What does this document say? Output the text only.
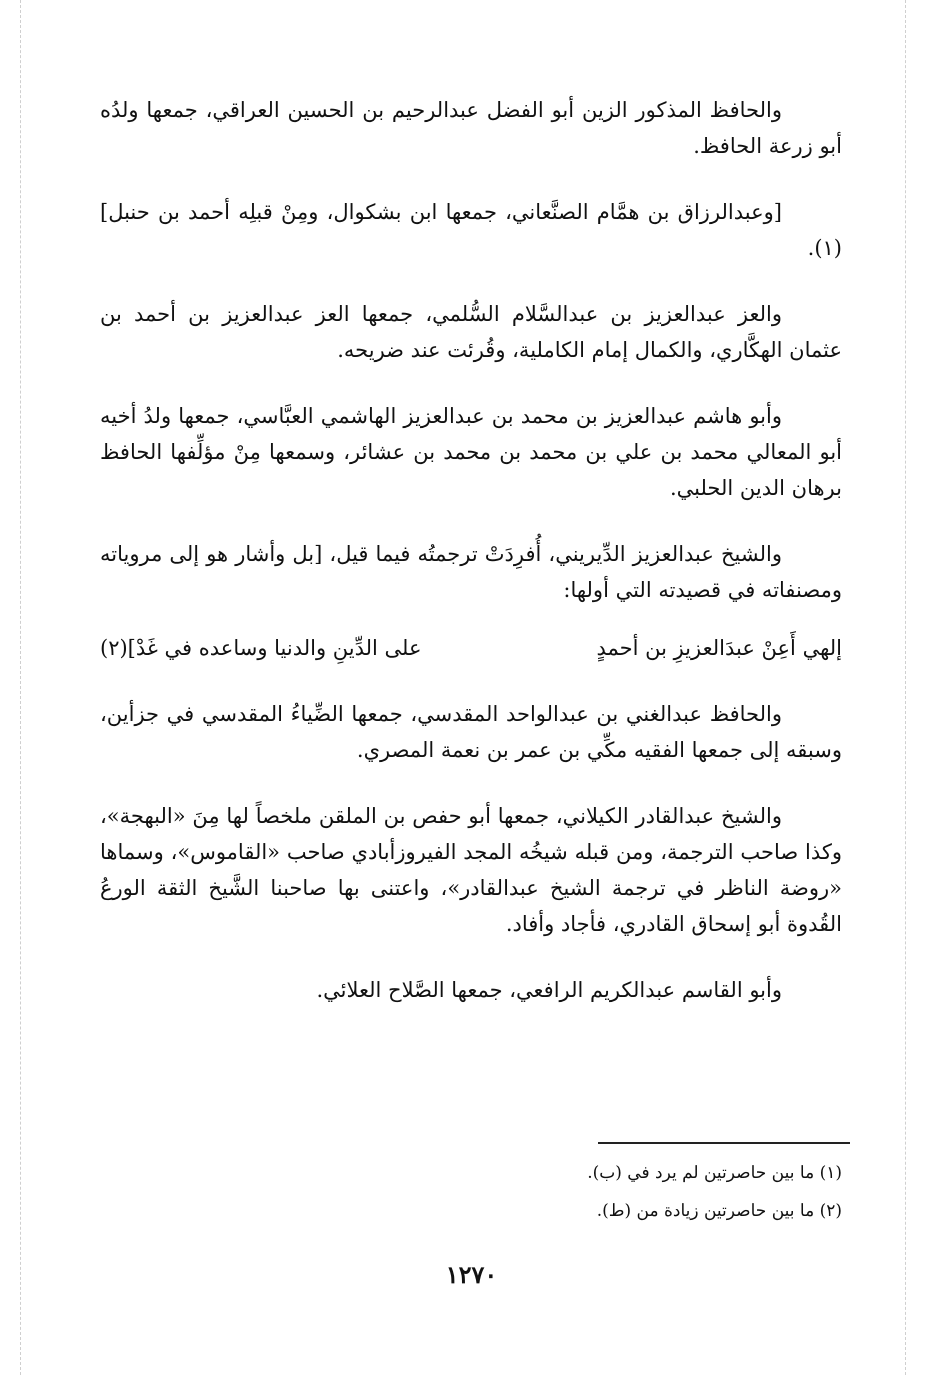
والحافظ المذكور الزين أبو الفضل عبدالرحيم بن الحسين العراقي، جمعها ولدُه أبو زرعة الحافظ.

[وعبدالرزاق بن همَّام الصنَّعاني، جمعها ابن بشكوال، ومِنْ قبلِه أحمد بن حنبل](١).

والعز عبدالعزيز بن عبدالسَّلام السُّلمي، جمعها العز عبدالعزيز بن أحمد بن عثمان الهكَّاري، والكمال إمام الكاملية، وقُرئت عند ضريحه.

وأبو هاشم عبدالعزيز بن محمد بن عبدالعزيز الهاشمي العبَّاسي، جمعها ولدُ أخيه أبو المعالي محمد بن علي بن محمد بن محمد بن عشائر، وسمعها مِنْ مؤلِّفها الحافظ برهان الدين الحلبي.

والشيخ عبدالعزيز الدِّيريني، أُفرِدَتْ ترجمتُه فيما قيل، [بل وأشار هو إلى مروياته ومصنفاته في قصيدته التي أولها:

إلهي أَعِنْ عبدَالعزيزِ بن أحمدٍ
على الدِّينِ والدنيا وساعده في غَدْ](٢)

والحافظ عبدالغني بن عبدالواحد المقدسي، جمعها الضِّياءُ المقدسي في جزأين، وسبقه إلى جمعها الفقيه مكِّي بن عمر بن نعمة المصري.

والشيخ عبدالقادر الكيلاني، جمعها أبو حفص بن الملقن ملخصاً لها مِنَ «البهجة»، وكذا صاحب الترجمة، ومن قبله شيخُه المجد الفيروزأبادي صاحب «القاموس»، وسماها «روضة الناظر في ترجمة الشيخ عبدالقادر»، واعتنى بها صاحبنا الشَّيخ الثقة الورعُ القُدوة أبو إسحاق القادري، فأجاد وأفاد.

وأبو القاسم عبدالكريم الرافعي، جمعها الصَّلاح العلائي.

(١) ما بين حاصرتين لم يرد في (ب).

(٢) ما بين حاصرتين زيادة من (ط).

١٢٧٠
